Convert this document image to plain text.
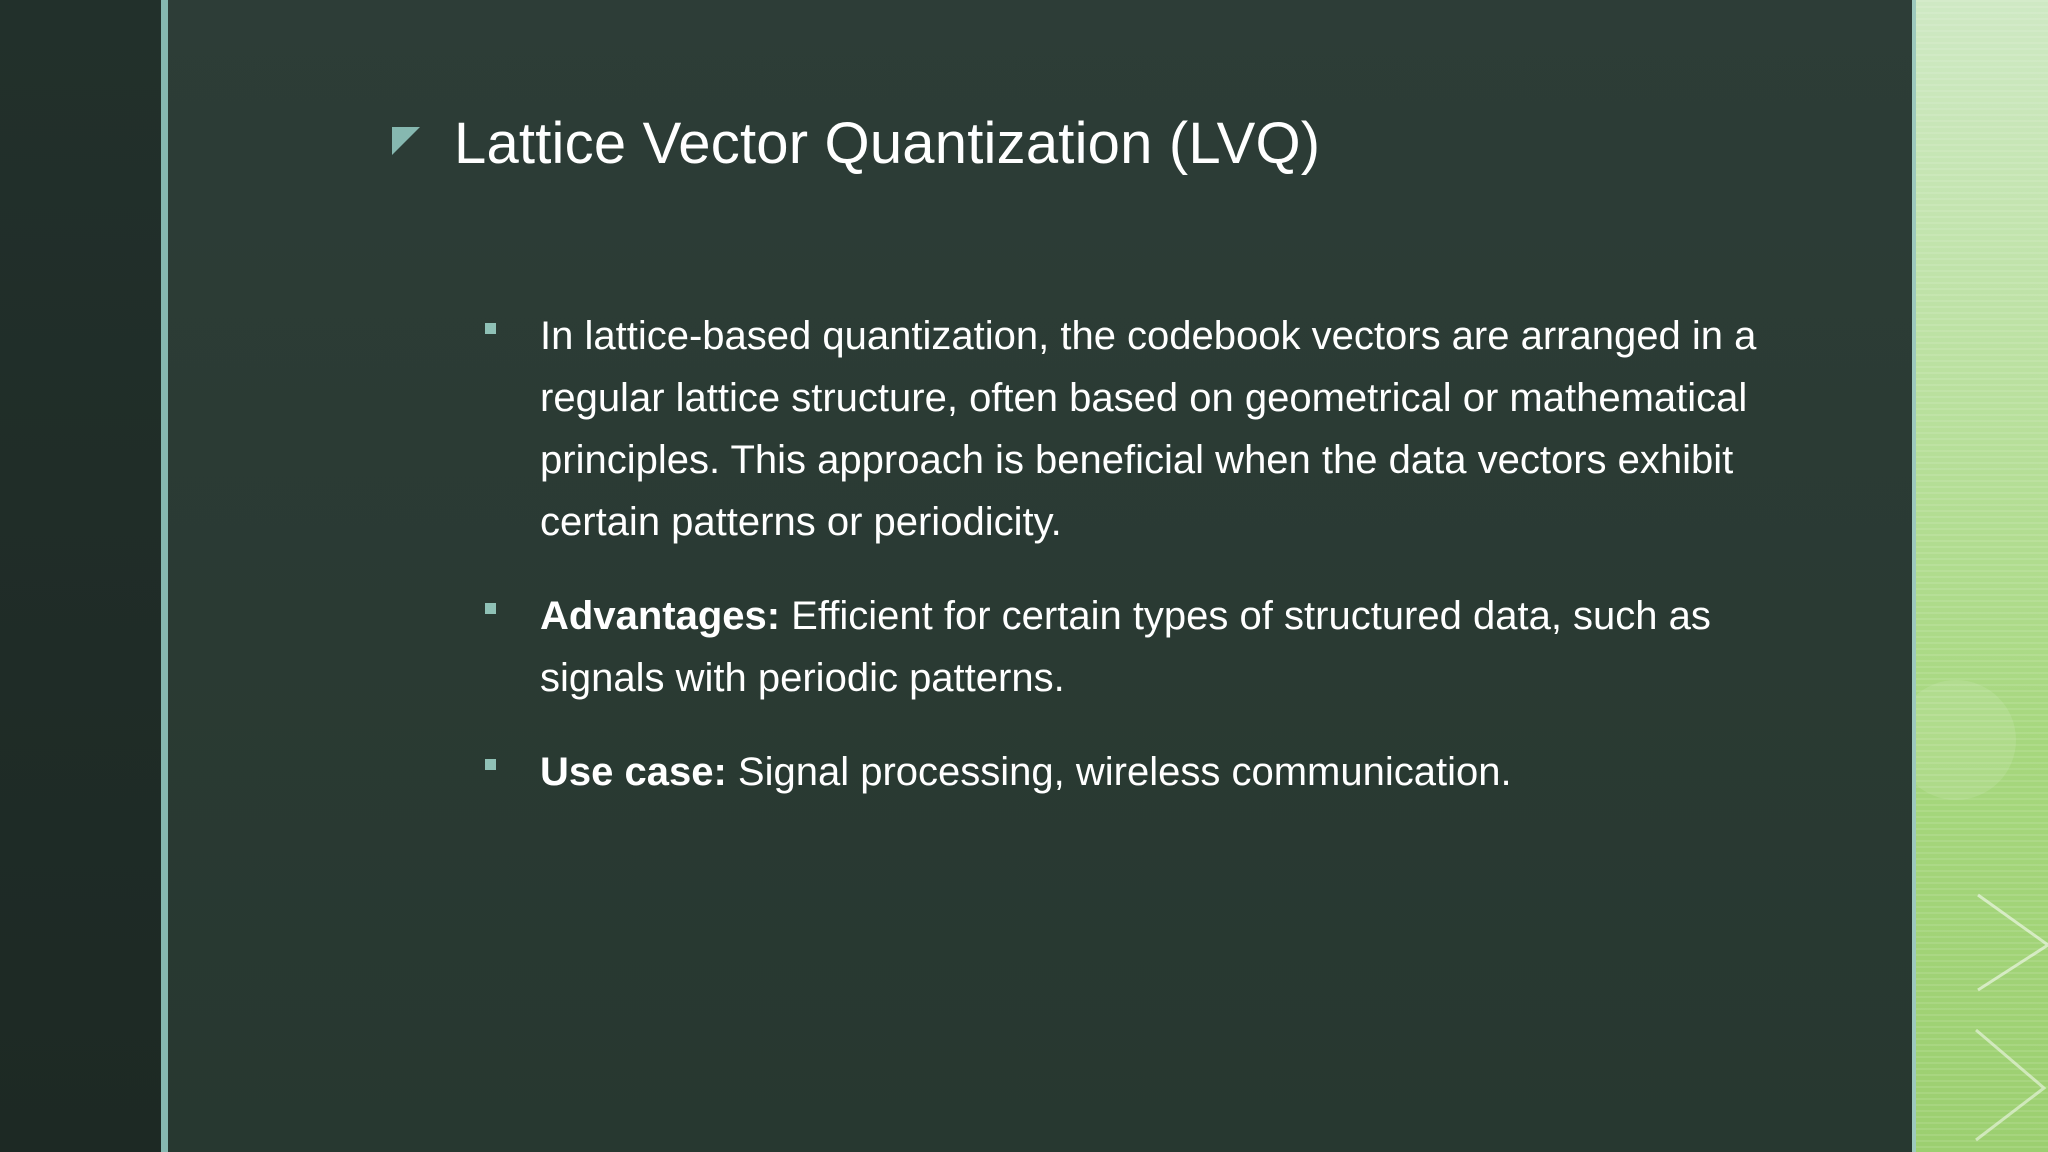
Lattice Vector Quantization (LVQ)
In lattice-based quantization, the codebook vectors are arranged in a regular lattice structure, often based on geometrical or mathematical principles. This approach is beneficial when the data vectors exhibit certain patterns or periodicity.
Advantages: Efficient for certain types of structured data, such as signals with periodic patterns.
Use case: Signal processing, wireless communication.
